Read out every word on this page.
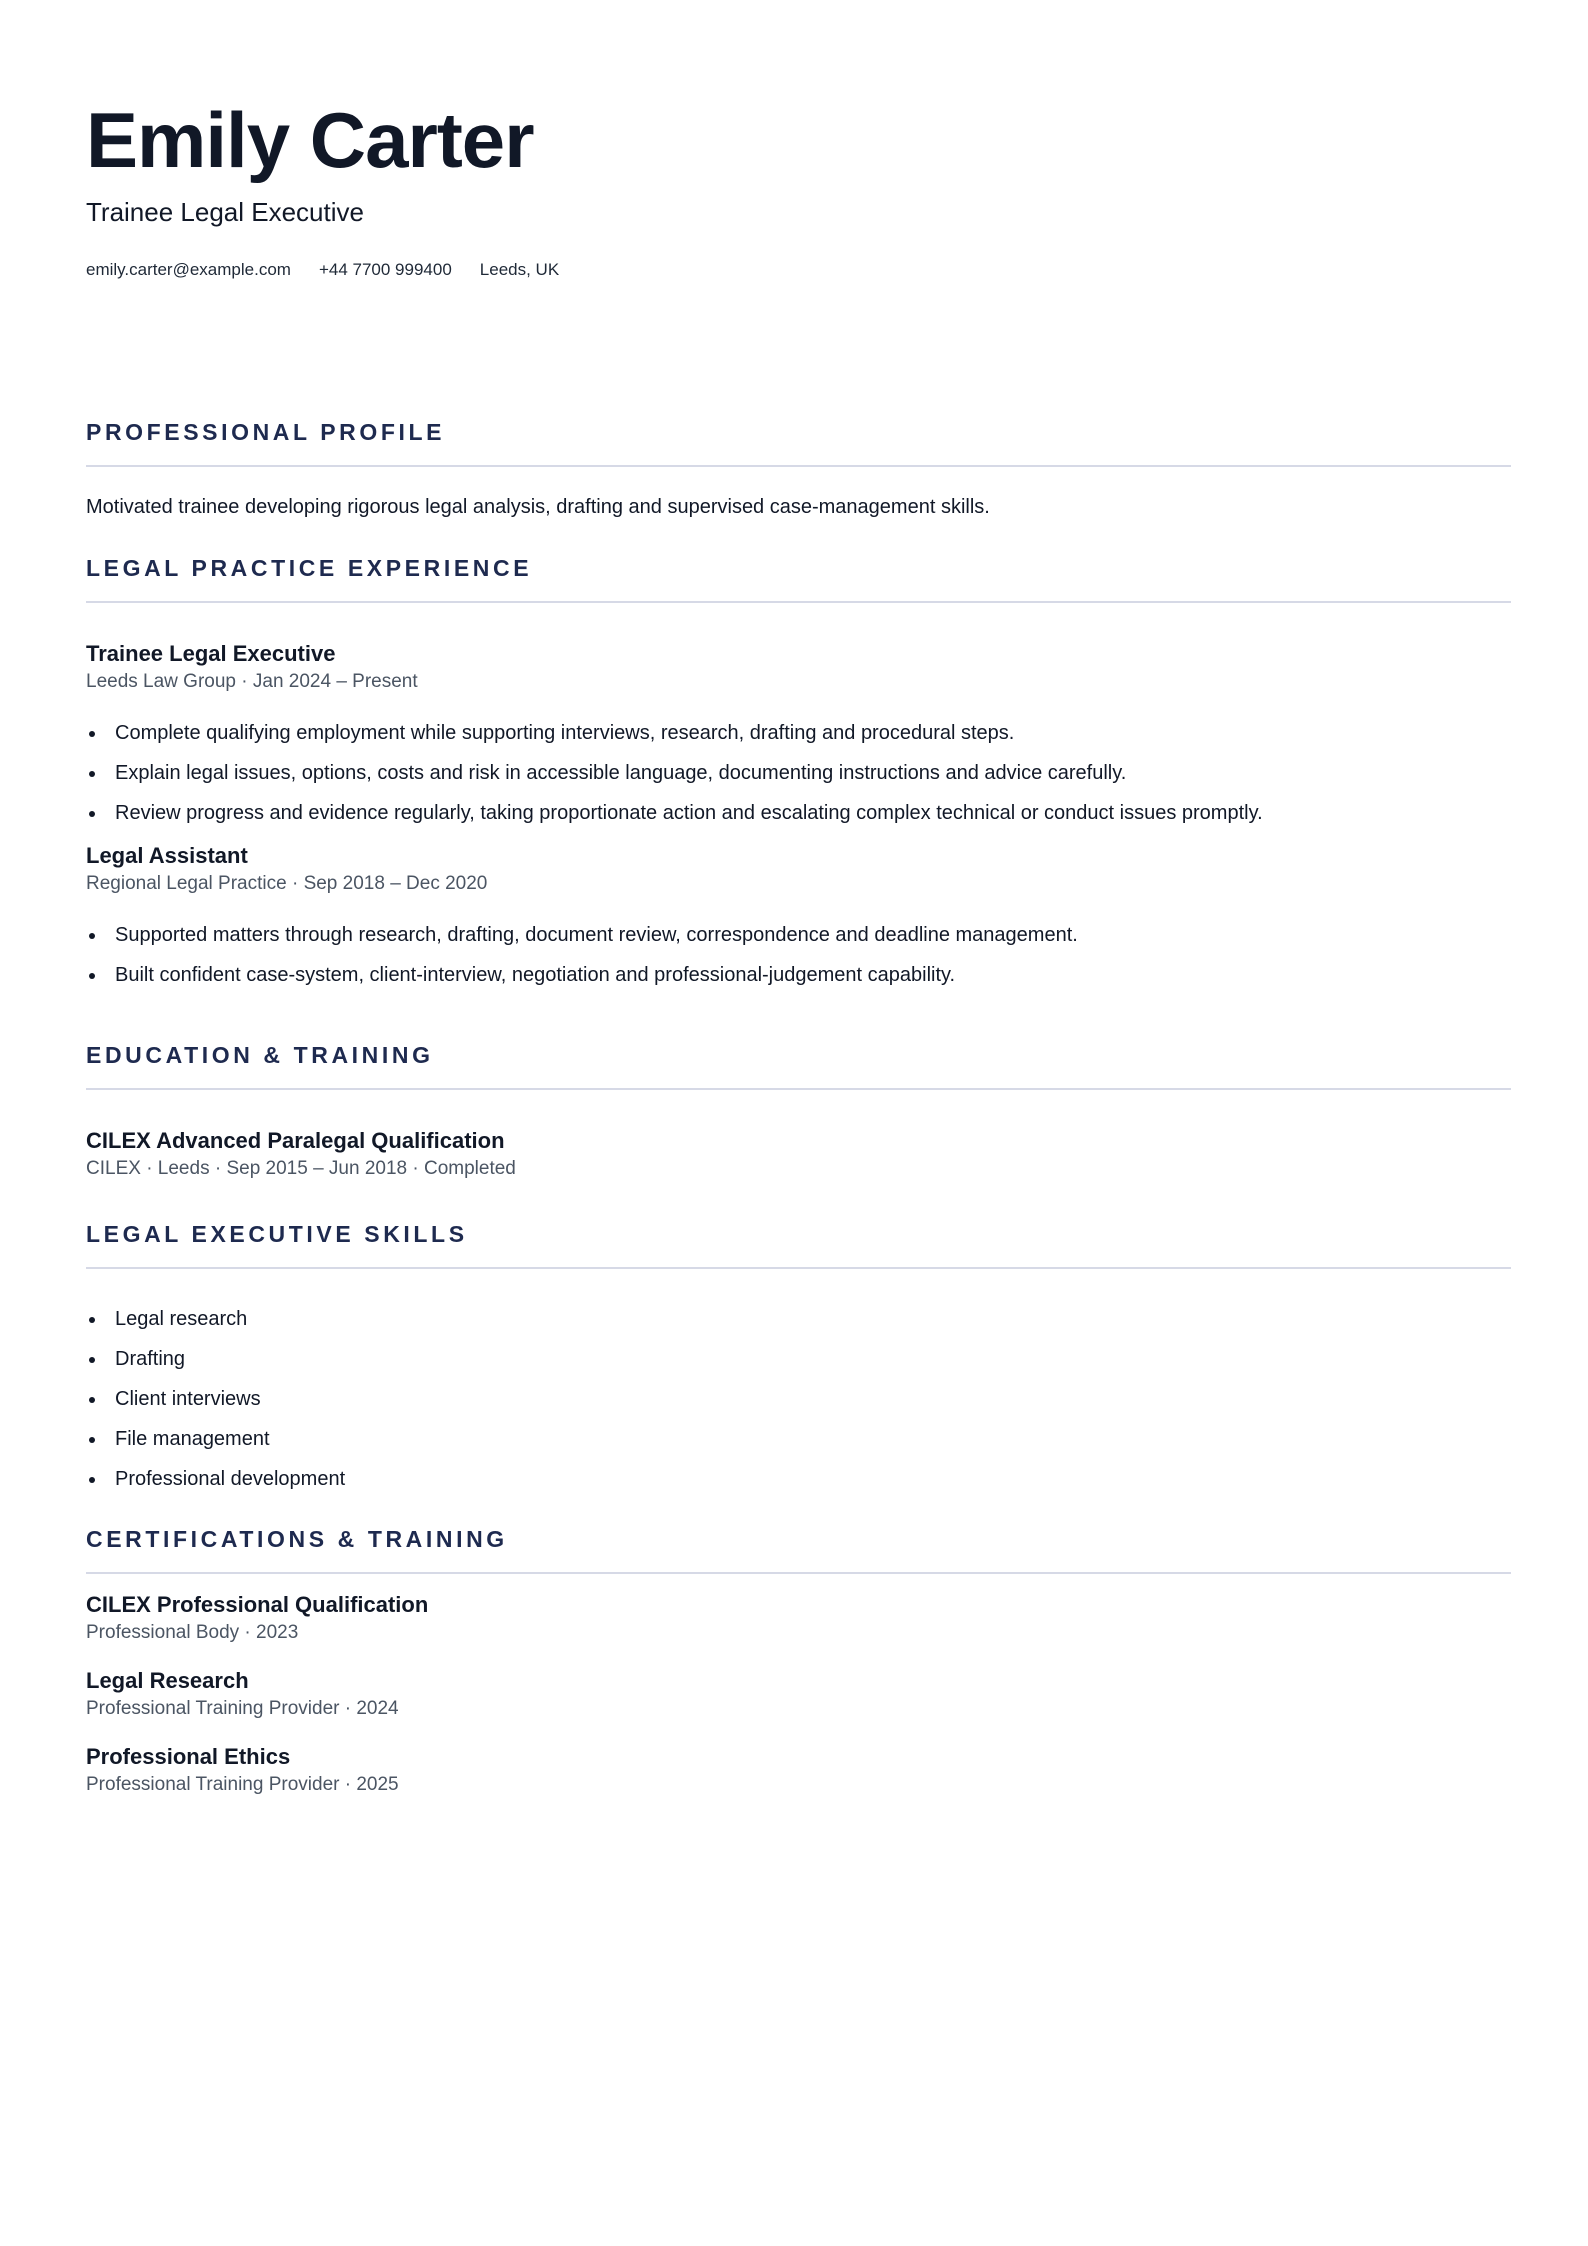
Emily Carter
Trainee Legal Executive
emily.carter@example.com +44 7700 999400 Leeds, UK
PROFESSIONAL PROFILE
Motivated trainee developing rigorous legal analysis, drafting and supervised case-management skills.
LEGAL PRACTICE EXPERIENCE
Trainee Legal Executive
Leeds Law Group · Jan 2024 – Present
Complete qualifying employment while supporting interviews, research, drafting and procedural steps.
Explain legal issues, options, costs and risk in accessible language, documenting instructions and advice carefully.
Review progress and evidence regularly, taking proportionate action and escalating complex technical or conduct issues promptly.
Legal Assistant
Regional Legal Practice · Sep 2018 – Dec 2020
Supported matters through research, drafting, document review, correspondence and deadline management.
Built confident case-system, client-interview, negotiation and professional-judgement capability.
EDUCATION & TRAINING
CILEX Advanced Paralegal Qualification
CILEX · Leeds · Sep 2015 – Jun 2018 · Completed
LEGAL EXECUTIVE SKILLS
Legal research
Drafting
Client interviews
File management
Professional development
CERTIFICATIONS & TRAINING
CILEX Professional Qualification
Professional Body · 2023
Legal Research
Professional Training Provider · 2024
Professional Ethics
Professional Training Provider · 2025
